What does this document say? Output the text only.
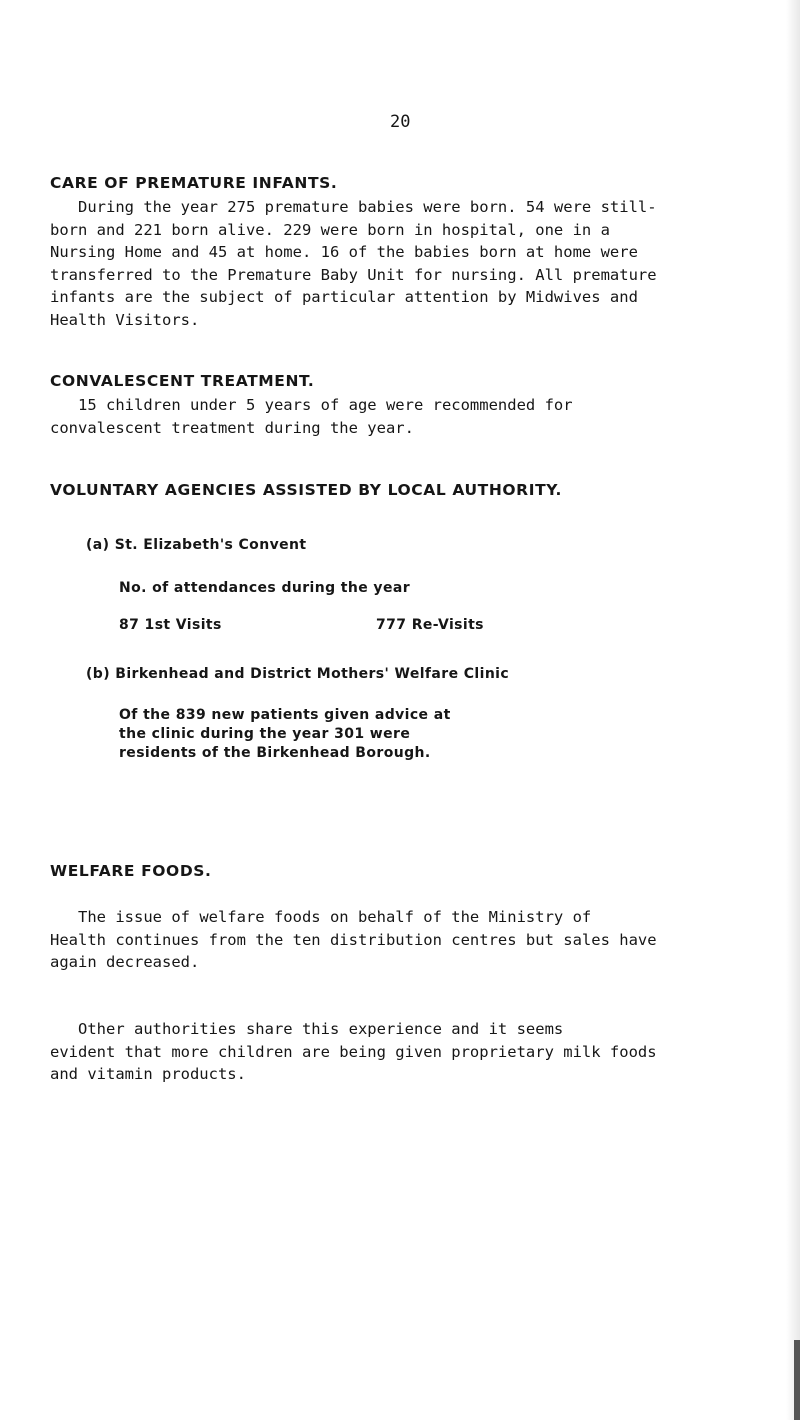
20
CARE OF PREMATURE INFANTS.
During the year 275 premature babies were born. 54 were still-
born and 221 born alive. 229 were born in hospital, one in a
Nursing Home and 45 at home. 16 of the babies born at home were
transferred to the Premature Baby Unit for nursing. All premature
infants are the subject of particular attention by Midwives and
Health Visitors.
CONVALESCENT TREATMENT.
15 children under 5 years of age were recommended for
convalescent treatment during the year.
VOLUNTARY AGENCIES ASSISTED BY LOCAL AUTHORITY.
(a) St. Elizabeth's Convent
No. of attendances during the year
87 1st Visits	777 Re-Visits
(b) Birkenhead and District Mothers' Welfare Clinic
Of the 839 new patients given advice at
the clinic during the year 301 were
residents of the Birkenhead Borough.
WELFARE FOODS.
The issue of welfare foods on behalf of the Ministry of
Health continues from the ten distribution centres but sales have
again decreased.
Other authorities share this experience and it seems
evident that more children are being given proprietary milk foods
and vitamin products.
